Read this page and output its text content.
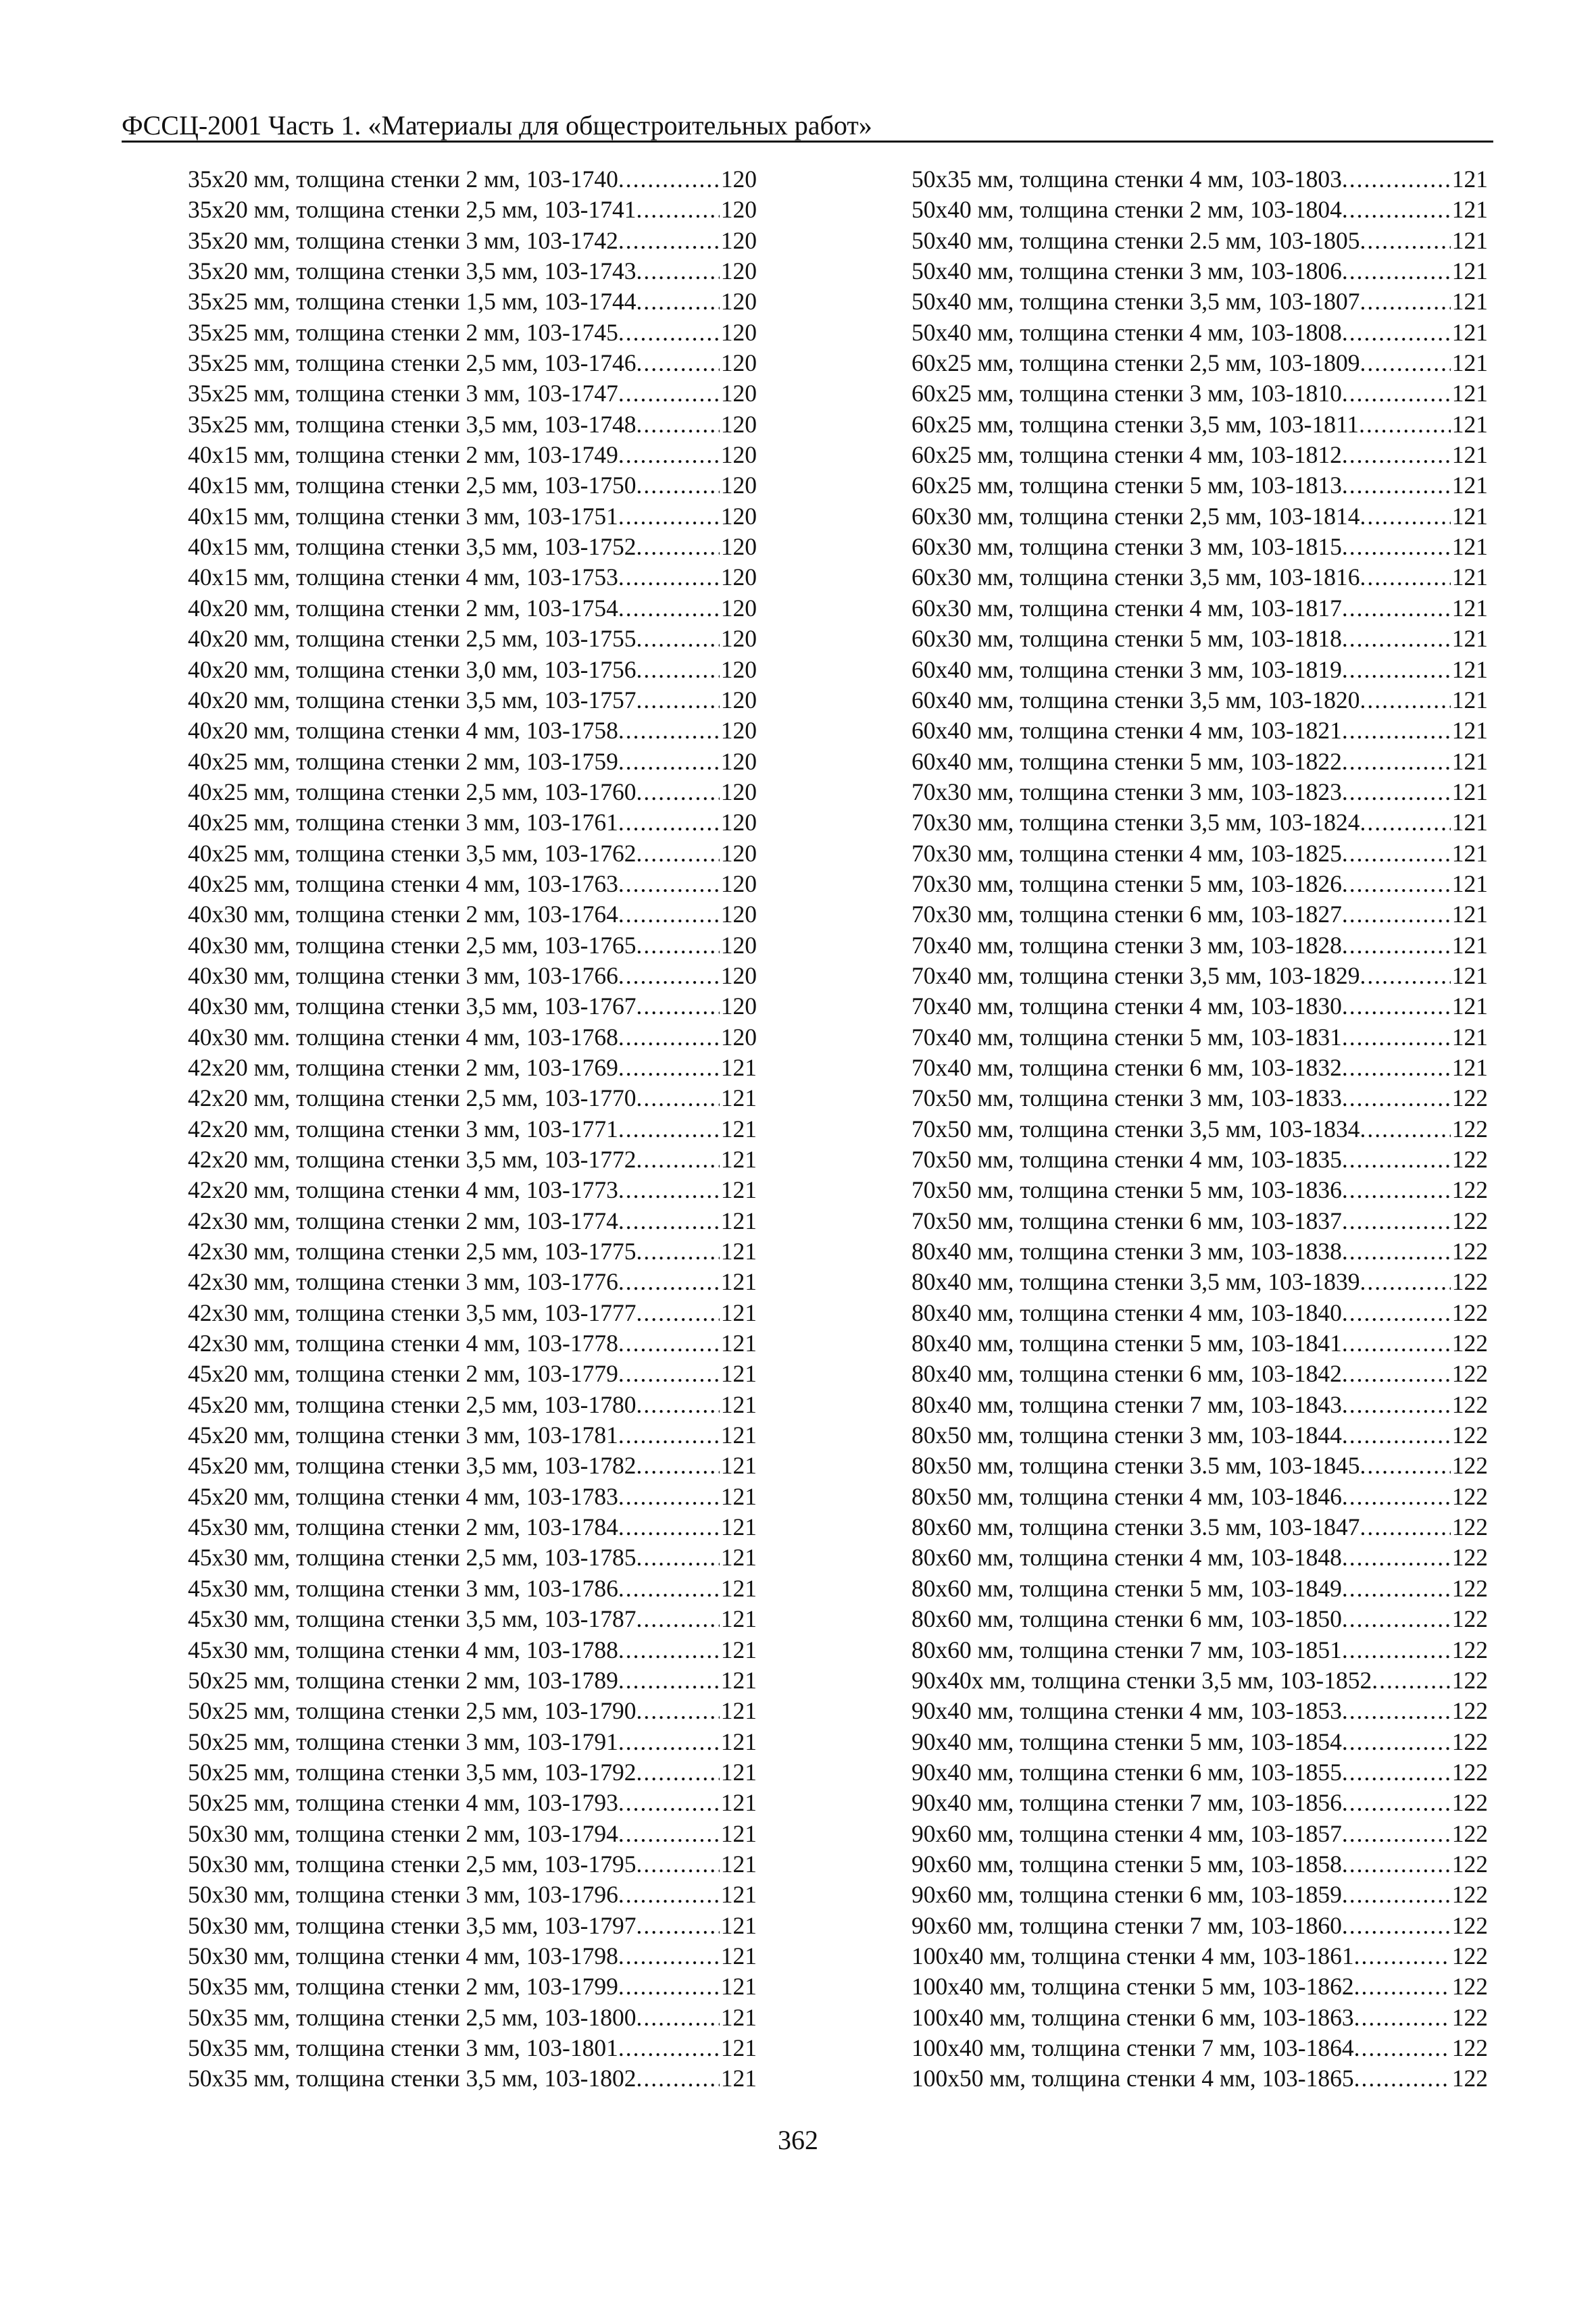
ФССЦ-2001 Часть 1. «Материалы для общестроительных работ»
35x20 мм, толщина стенки 2 мм, 103-1740 .....	120
35x20 мм, толщина стенки 2,5 мм, 103-1741 .....	120
35x20 мм, толщина стенки 3 мм, 103-1742 .....	120
35x20 мм, толщина стенки 3,5 мм, 103-1743 .....	120
35x25 мм, толщина стенки 1,5 мм, 103-1744 .....	120
35x25 мм, толщина стенки 2 мм, 103-1745 .....	120
35x25 мм, толщина стенки 2,5 мм, 103-1746 .....	120
35x25 мм, толщина стенки 3 мм, 103-1747 .....	120
35x25 мм, толщина стенки 3,5 мм, 103-1748 .....	120
40x15 мм, толщина стенки 2 мм, 103-1749 .....	120
40x15 мм, толщина стенки 2,5 мм, 103-1750 .....	120
40x15 мм, толщина стенки 3 мм, 103-1751 .....	120
40x15 мм, толщина стенки 3,5 мм, 103-1752 .....	120
40x15 мм, толщина стенки 4 мм, 103-1753 .....	120
40x20 мм, толщина стенки 2 мм, 103-1754 .....	120
40x20 мм, толщина стенки 2,5 мм, 103-1755 .....	120
40x20 мм, толщина стенки 3,0 мм, 103-1756 .....	120
40x20 мм, толщина стенки 3,5 мм, 103-1757 .....	120
40x20 мм, толщина стенки 4 мм, 103-1758 .....	120
40x25 мм, толщина стенки 2 мм, 103-1759 .....	120
40x25 мм, толщина стенки 2,5 мм, 103-1760 .....	120
40x25 мм, толщина стенки 3 мм, 103-1761 .....	120
40x25 мм, толщина стенки 3,5 мм, 103-1762 .....	120
40x25 мм, толщина стенки 4 мм, 103-1763 .....	120
40x30 мм, толщина стенки 2 мм, 103-1764 .....	120
40x30 мм, толщина стенки 2,5 мм, 103-1765 .....	120
40x30 мм, толщина стенки 3 мм, 103-1766 .....	120
40x30 мм, толщина стенки 3,5 мм, 103-1767 .....	120
40x30 мм. толщина стенки 4 мм, 103-1768 .....	120
42x20 мм, толщина стенки 2 мм, 103-1769 .....	121
42x20 мм, толщина стенки 2,5 мм, 103-1770 .....	121
42x20 мм, толщина стенки 3 мм, 103-1771 .....	121
42x20 мм, толщина стенки 3,5 мм, 103-1772 .....	121
42x20 мм, толщина стенки 4 мм, 103-1773 .....	121
42x30 мм, толщина стенки 2 мм, 103-1774 .....	121
42x30 мм, толщина стенки 2,5 мм, 103-1775 .....	121
42x30 мм, толщина стенки 3 мм, 103-1776 .....	121
42x30 мм, толщина стенки 3,5 мм, 103-1777 .....	121
42x30 мм, толщина стенки 4 мм, 103-1778 .....	121
45x20 мм, толщина стенки 2 мм, 103-1779 .....	121
45x20 мм, толщина стенки 2,5 мм, 103-1780 .....	121
45x20 мм, толщина стенки 3 мм, 103-1781 .....	121
45x20 мм, толщина стенки 3,5 мм, 103-1782 .....	121
45x20 мм, толщина стенки 4 мм, 103-1783 .....	121
45x30 мм, толщина стенки 2 мм, 103-1784 .....	121
45x30 мм, толщина стенки 2,5 мм, 103-1785 .....	121
45x30 мм, толщина стенки 3 мм, 103-1786 .....	121
45x30 мм, толщина стенки 3,5 мм, 103-1787 .....	121
45x30 мм, толщина стенки 4 мм, 103-1788 .....	121
50x25 мм, толщина стенки 2 мм, 103-1789 .....	121
50x25 мм, толщина стенки 2,5 мм, 103-1790 .....	121
50x25 мм, толщина стенки 3 мм, 103-1791 .....	121
50x25 мм, толщина стенки 3,5 мм, 103-1792 .....	121
50x25 мм, толщина стенки 4 мм, 103-1793 .....	121
50x30 мм, толщина стенки 2 мм, 103-1794 .....	121
50x30 мм, толщина стенки 2,5 мм, 103-1795 .....	121
50x30 мм, толщина стенки 3 мм, 103-1796 .....	121
50x30 мм, толщина стенки 3,5 мм, 103-1797 .....	121
50x30 мм, толщина стенки 4 мм, 103-1798 .....	121
50x35 мм, толщина стенки 2 мм, 103-1799 .....	121
50x35 мм, толщина стенки 2,5 мм, 103-1800 .....	121
50x35 мм, толщина стенки 3 мм, 103-1801 .....	121
50x35 мм, толщина стенки 3,5 мм, 103-1802 .....	121
50x35 мм, толщина стенки 4 мм, 103-1803 .....	121
50x40 мм, толщина стенки 2 мм, 103-1804 .....	121
50x40 мм, толщина стенки 2.5 мм, 103-1805 .....	121
50x40 мм, толщина стенки 3 мм, 103-1806 .....	121
50x40 мм, толщина стенки 3,5 мм, 103-1807 .....	121
50x40 мм, толщина стенки 4 мм, 103-1808 .....	121
60x25 мм, толщина стенки 2,5 мм, 103-1809 .....	121
60x25 мм, толщина стенки 3 мм, 103-1810 .....	121
60x25 мм, толщина стенки 3,5 мм, 103-1811 .....	121
60x25 мм, толщина стенки 4 мм, 103-1812 .....	121
60x25 мм, толщина стенки 5 мм, 103-1813 .....	121
60x30 мм, толщина стенки 2,5 мм, 103-1814 .....	121
60x30 мм, толщина стенки 3 мм, 103-1815 .....	121
60x30 мм, толщина стенки 3,5 мм, 103-1816 .....	121
60x30 мм, толщина стенки 4 мм, 103-1817 .....	121
60x30 мм, толщина стенки 5 мм, 103-1818 .....	121
60x40 мм, толщина стенки 3 мм, 103-1819 .....	121
60x40 мм, толщина стенки 3,5 мм, 103-1820 .....	121
60x40 мм, толщина стенки 4 мм, 103-1821 .....	121
60x40 мм, толщина стенки 5 мм, 103-1822 .....	121
70x30 мм, толщина стенки 3 мм, 103-1823 .....	121
70x30 мм, толщина стенки 3,5 мм, 103-1824 .....	121
70x30 мм, толщина стенки 4 мм, 103-1825 .....	121
70x30 мм, толщина стенки 5 мм, 103-1826 .....	121
70x30 мм, толщина стенки 6 мм, 103-1827 .....	121
70x40 мм, толщина стенки 3 мм, 103-1828 .....	121
70x40 мм, толщина стенки 3,5 мм, 103-1829 .....	121
70x40 мм, толщина стенки 4 мм, 103-1830 .....	121
70x40 мм, толщина стенки 5 мм, 103-1831 .....	121
70x40 мм, толщина стенки 6 мм, 103-1832 .....	121
70x50 мм, толщина стенки 3 мм, 103-1833 .....	122
70x50 мм, толщина стенки 3,5 мм, 103-1834 .....	122
70x50 мм, толщина стенки 4 мм, 103-1835 .....	122
70x50 мм, толщина стенки 5 мм, 103-1836 .....	122
70x50 мм, толщина стенки 6 мм, 103-1837 .....	122
80x40 мм, толщина стенки 3 мм, 103-1838 .....	122
80x40 мм, толщина стенки 3,5 мм, 103-1839 .....	122
80x40 мм, толщина стенки 4 мм, 103-1840 .....	122
80x40 мм, толщина стенки 5 мм, 103-1841 .....	122
80x40 мм, толщина стенки 6 мм, 103-1842 .....	122
80x40 мм, толщина стенки 7 мм, 103-1843 .....	122
80x50 мм, толщина стенки 3 мм, 103-1844 .....	122
80x50 мм, толщина стенки 3.5 мм, 103-1845 .....	122
80x50 мм, толщина стенки 4 мм, 103-1846 .....	122
80x60 мм, толщина стенки 3.5 мм, 103-1847 .....	122
80x60 мм, толщина стенки 4 мм, 103-1848 .....	122
80x60 мм, толщина стенки 5 мм, 103-1849 .....	122
80x60 мм, толщина стенки 6 мм, 103-1850 .....	122
80x60 мм, толщина стенки 7 мм, 103-1851 .....	122
90x40x мм, толщина стенки 3,5 мм, 103-1852 .....	122
90x40 мм, толщина стенки 4 мм, 103-1853 .....	122
90x40 мм, толщина стенки 5 мм, 103-1854 .....	122
90x40 мм, толщина стенки 6 мм, 103-1855 .....	122
90x40 мм, толщина стенки 7 мм, 103-1856 .....	122
90x60 мм, толщина стенки 4 мм, 103-1857 .....	122
90x60 мм, толщина стенки 5 мм, 103-1858 .....	122
90x60 мм, толщина стенки 6 мм, 103-1859 .....	122
90x60 мм, толщина стенки 7 мм, 103-1860 .....	122
100x40 мм, толщина стенки 4 мм, 103-1861 .....	122
100x40 мм, толщина стенки 5 мм, 103-1862 .....	122
100x40 мм, толщина стенки 6 мм, 103-1863 .....	122
100x40 мм, толщина стенки 7 мм, 103-1864 .....	122
100x50 мм, толщина стенки 4 мм, 103-1865 .....	122
362
